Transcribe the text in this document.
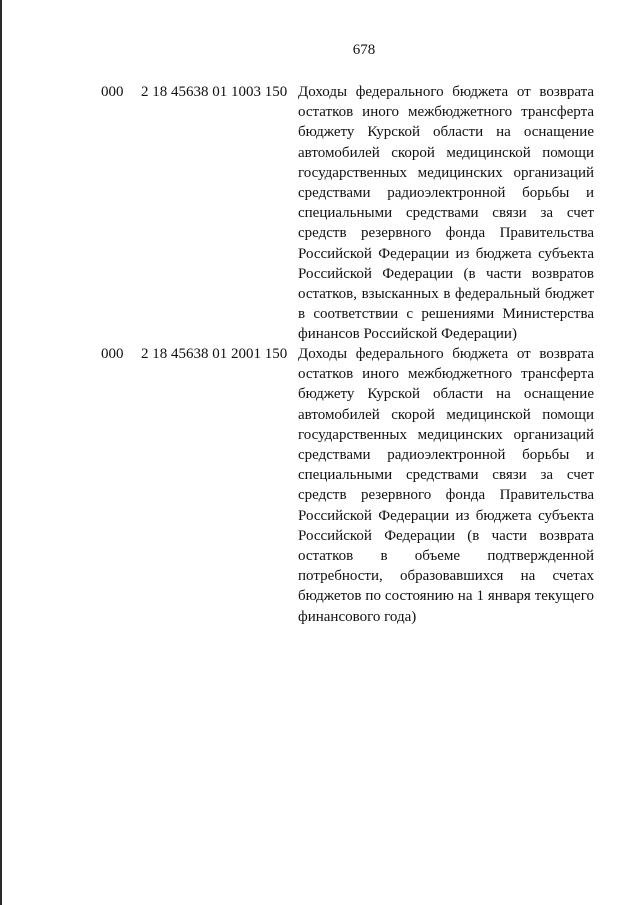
678
000 2 18 45638 01 1003 150 Доходы федерального бюджета от возврата
остатков иного межбюджетного трансферта
бюджету Курской области на оснащение
автомобилей скорой медицинской помощи
государственных медицинских организаций
средствами радиоэлектронной борьбы и
специальными средствами связи за счет
средств резервного фонда Правительства
Российской Федерации из бюджета субъекта
Российской Федерации (в части возвратов
остатков, взысканных в федеральный бюджет
в соответствии с решениями Министерства
финансов Российской Федерации)

000 2 18 45638 01 2001 150 Доходы федерального бюджета от возврата
остатков иного межбюджетного трансферта
бюджету Курской области на оснащение
автомобилей скорой медицинской помощи
государственных медицинских организаций
средствами радиоэлектронной борьбы и
специальными средствами связи за счет
средств резервного фонда Правительства
Российской Федерации из бюджета субъекта
Российской Федерации (в части возврата
остатков в объеме подтвержденной
потребности, образовавшихся на счетах
бюджетов по состоянию на 1 января текущего
финансового года)
